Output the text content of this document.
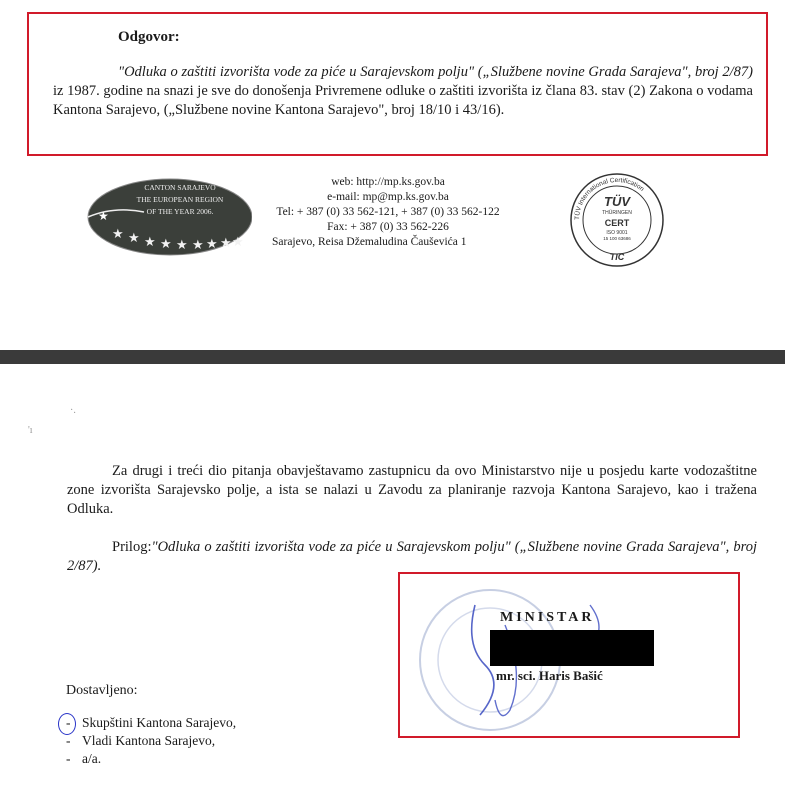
Odgovor:
"Odluka o zaštiti izvorišta vode za piće u Sarajevskom polju" („Službene novine Grada Sarajeva", broj 2/87) iz 1987. godine na snazi je sve do donošenja Privremene odluke o zaštiti izvorišta iz člana 83. stav (2) Zakona o vodama Kantona Sarajevo, („Službene novine Kantona Sarajevo", broj 18/10 i 43/16).
CANTON SARAJEVO
THE EUROPEAN REGION
OF THE YEAR 2006.
★ ★ ★ ★ ★ ★ ★ ★ ★
★
web: http://mp.ks.gov.ba
e-mail: mp@mp.ks.gov.ba
Tel: + 387 (0) 33 562-121, + 387 (0) 33 562-122
Fax: + 387 (0) 33 562-226
Sarajevo, Reisa Džemaludina Čauševića 1
TÜV International Certification
TÜV
THÜRINGEN
CERT
ISO 9001
15 100 63686
TIC
·.
'ı
Za drugi i treći dio pitanja obavještavamo zastupnicu da ovo Ministarstvo nije u posjedu karte vodozaštitne zone izvorišta Sarajevsko polje, a ista se nalazi u Zavodu za planiranje razvoja Kantona Sarajevo, kao i tražena Odluka.
Prilog:"Odluka o zaštiti izvorišta vode za piće u Sarajevskom polju" („Službene novine Grada Sarajeva", broj 2/87).
MINISTAR
mr. sci. Haris Bašić
Dostavljeno:
- Skupštini Kantona Sarajevo,
- Vladi Kantona Sarajevo,
- a/a.
